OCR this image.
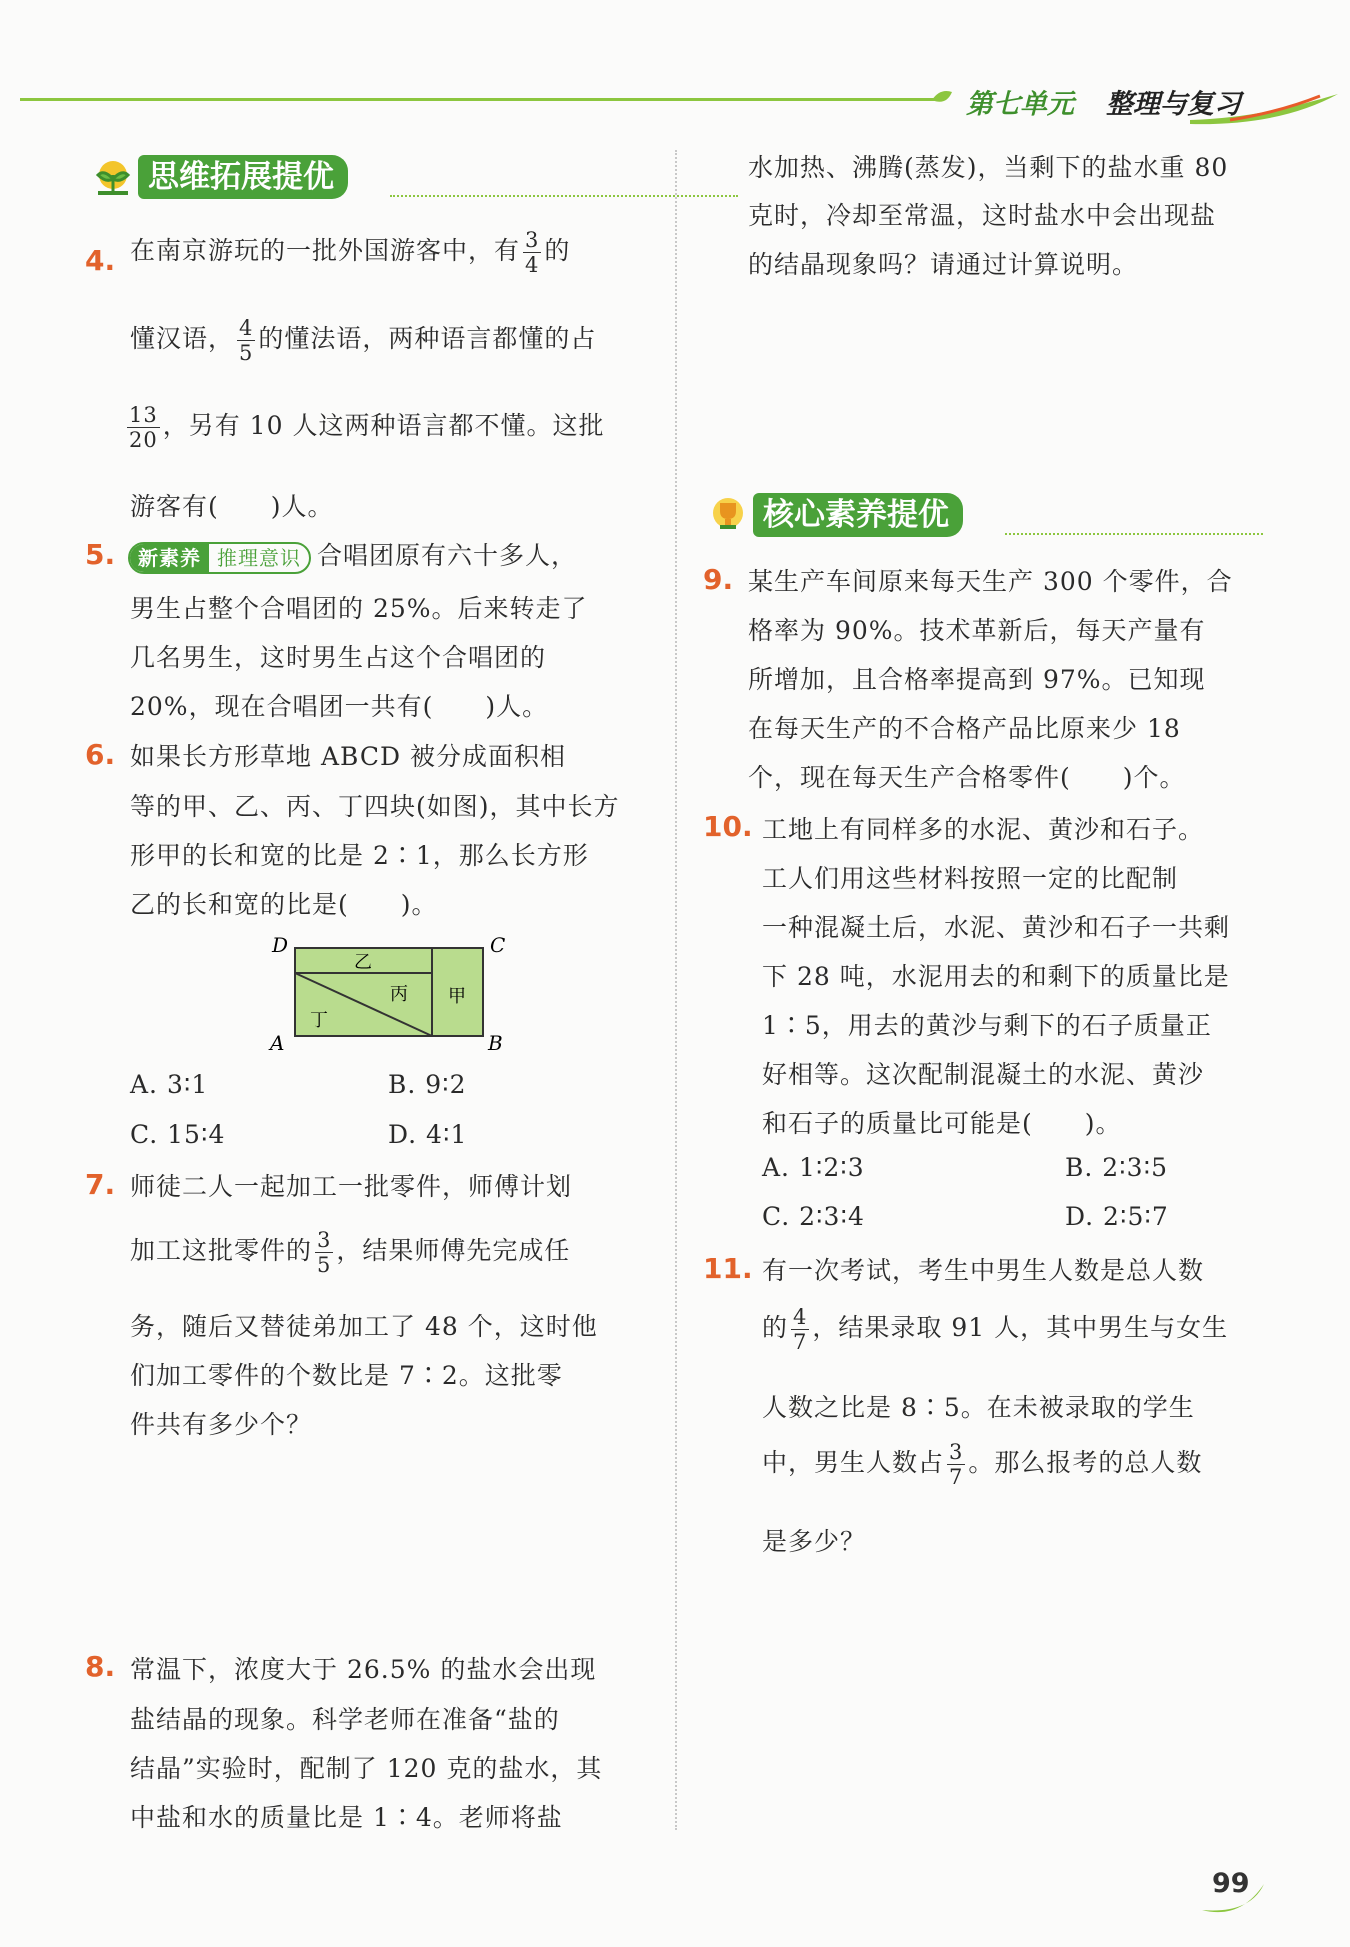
第七单元 整理与复习
思维拓展提优
4. 在南京游玩的一批外国游客中，有 $\frac{3}{4}$ 的
懂汉语， $\frac{4}{5}$ 的懂法语，两种语言都懂的占
$\frac{13}{20}$ ，另有 10 人这两种语言都不懂。这批
游客有(　　)人。
5.	新素养 推理意识 合唱团原有六十多人，
男生占整个合唱团的 25%。后来转走了
几名男生，这时男生占这个合唱团的
20%，现在合唱团一共有(　　)人。
6. 如果长方形草地 ABCD 被分成面积相
等的甲、乙、丙、丁四块(如图)，其中长方
形甲的长和宽的比是 2∶1，那么长方形
乙的长和宽的比是(　　)。
D	C
A	B
乙
甲
丙
丁
A. 3∶1	B. 9∶2
C. 15∶4	D. 4∶1
7. 师徒二人一起加工一批零件，师傅计划
加工这批零件的 $\frac{3}{5}$ ，结果师傅先完成任
务，随后又替徒弟加工了 48 个，这时他
们加工零件的个数比是 7∶2。这批零
件共有多少个？
8. 常温下，浓度大于 26.5% 的盐水会出现
盐结晶的现象。科学老师在准备“盐的
结晶”实验时，配制了 120 克的盐水，其
中盐和水的质量比是 1∶4。老师将盐
水加热、沸腾(蒸发)，当剩下的盐水重 80
克时，冷却至常温，这时盐水中会出现盐
的结晶现象吗？请通过计算说明。
核心素养提优
9. 某生产车间原来每天生产 300 个零件，合
格率为 90%。技术革新后，每天产量有
所增加，且合格率提高到 97%。已知现
在每天生产的不合格产品比原来少 18
个，现在每天生产合格零件(　　)个。
10. 工地上有同样多的水泥、黄沙和石子。
工人们用这些材料按照一定的比配制
一种混凝土后，水泥、黄沙和石子一共剩
下 28 吨，水泥用去的和剩下的质量比是
1∶5，用去的黄沙与剩下的石子质量正
好相等。这次配制混凝土的水泥、黄沙
和石子的质量比可能是(　　)。
A. 1∶2∶3	B. 2∶3∶5
C. 2∶3∶4	D. 2∶5∶7
11. 有一次考试，考生中男生人数是总人数
的 $\frac{4}{7}$ ，结果录取 91 人，其中男生与女生
人数之比是 8∶5。在未被录取的学生
中，男生人数占 $\frac{3}{7}$ 。那么报考的总人数
是多少？
99
